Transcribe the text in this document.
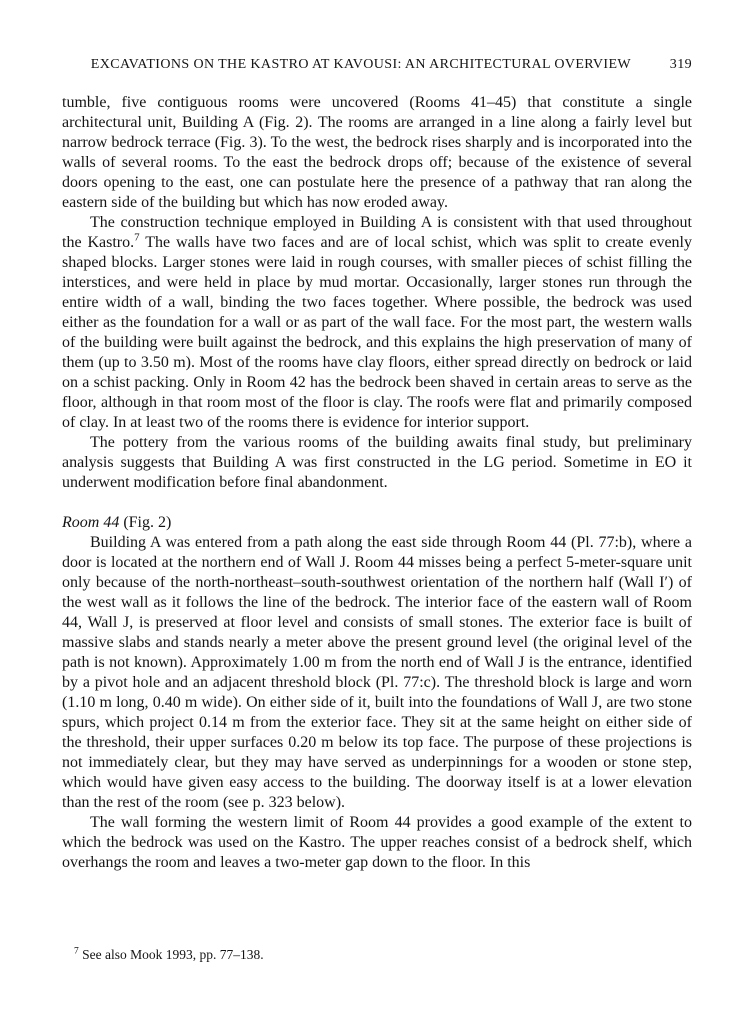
EXCAVATIONS ON THE KASTRO AT KAVOUSI: AN ARCHITECTURAL OVERVIEW	319

tumble, five contiguous rooms were uncovered (Rooms 41–45) that constitute a single architectural unit, Building A (Fig. 2). The rooms are arranged in a line along a fairly level but narrow bedrock terrace (Fig. 3). To the west, the bedrock rises sharply and is incorporated into the walls of several rooms. To the east the bedrock drops off; because of the existence of several doors opening to the east, one can postulate here the presence of a pathway that ran along the eastern side of the building but which has now eroded away.

The construction technique employed in Building A is consistent with that used throughout the Kastro.$^7$ The walls have two faces and are of local schist, which was split to create evenly shaped blocks. Larger stones were laid in rough courses, with smaller pieces of schist filling the interstices, and were held in place by mud mortar. Occasionally, larger stones run through the entire width of a wall, binding the two faces together. Where possible, the bedrock was used either as the foundation for a wall or as part of the wall face. For the most part, the western walls of the building were built against the bedrock, and this explains the high preservation of many of them (up to 3.50 m). Most of the rooms have clay floors, either spread directly on bedrock or laid on a schist packing. Only in Room 42 has the bedrock been shaved in certain areas to serve as the floor, although in that room most of the floor is clay. The roofs were flat and primarily composed of clay. In at least two of the rooms there is evidence for interior support.

The pottery from the various rooms of the building awaits final study, but preliminary analysis suggests that Building A was first constructed in the LG period. Sometime in EO it underwent modification before final abandonment.

Room 44 (Fig. 2)

Building A was entered from a path along the east side through Room 44 (Pl. 77:b), where a door is located at the northern end of Wall J. Room 44 misses being a perfect 5-meter-square unit only because of the north-northeast–south-southwest orientation of the northern half (Wall I′) of the west wall as it follows the line of the bedrock. The interior face of the eastern wall of Room 44, Wall J, is preserved at floor level and consists of small stones. The exterior face is built of massive slabs and stands nearly a meter above the present ground level (the original level of the path is not known). Approximately 1.00 m from the north end of Wall J is the entrance, identified by a pivot hole and an adjacent threshold block (Pl. 77:c). The threshold block is large and worn (1.10 m long, 0.40 m wide). On either side of it, built into the foundations of Wall J, are two stone spurs, which project 0.14 m from the exterior face. They sit at the same height on either side of the threshold, their upper surfaces 0.20 m below its top face. The purpose of these projections is not immediately clear, but they may have served as underpinnings for a wooden or stone step, which would have given easy access to the building. The doorway itself is at a lower elevation than the rest of the room (see p. 323 below).

The wall forming the western limit of Room 44 provides a good example of the extent to which the bedrock was used on the Kastro. The upper reaches consist of a bedrock shelf, which overhangs the room and leaves a two-meter gap down to the floor. In this

$^7$ See also Mook 1993, pp. 77–138.
